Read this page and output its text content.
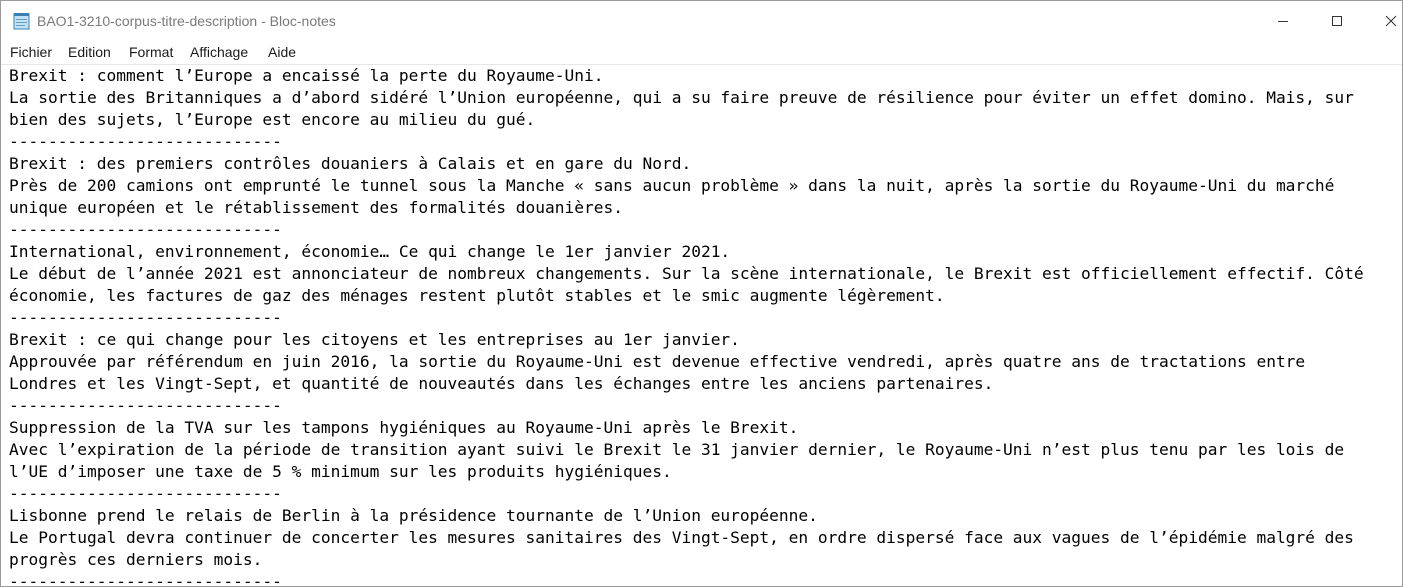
BAO1-3210-corpus-titre-description - Bloc-notes
Fichier Edition Format Affichage Aide
Brexit : comment l’Europe a encaissé la perte du Royaume-Uni.
La sortie des Britanniques a d’abord sidéré l’Union européenne, qui a su faire preuve de résilience pour éviter un effet domino. Mais, sur
bien des sujets, l’Europe est encore au milieu du gué.
----------------------------
Brexit : des premiers contrôles douaniers à Calais et en gare du Nord.
Près de 200 camions ont emprunté le tunnel sous la Manche « sans aucun problème » dans la nuit, après la sortie du Royaume-Uni du marché
unique européen et le rétablissement des formalités douanières.
----------------------------
International, environnement, économie… Ce qui change le 1er janvier 2021.
Le début de l’année 2021 est annonciateur de nombreux changements. Sur la scène internationale, le Brexit est officiellement effectif. Côté
économie, les factures de gaz des ménages restent plutôt stables et le smic augmente légèrement.
----------------------------
Brexit : ce qui change pour les citoyens et les entreprises au 1er janvier.
Approuvée par référendum en juin 2016, la sortie du Royaume-Uni est devenue effective vendredi, après quatre ans de tractations entre
Londres et les Vingt-Sept, et quantité de nouveautés dans les échanges entre les anciens partenaires.
----------------------------
Suppression de la TVA sur les tampons hygiéniques au Royaume-Uni après le Brexit.
Avec l’expiration de la période de transition ayant suivi le Brexit le 31 janvier dernier, le Royaume-Uni n’est plus tenu par les lois de
l’UE d’imposer une taxe de 5 % minimum sur les produits hygiéniques.
----------------------------
Lisbonne prend le relais de Berlin à la présidence tournante de l’Union européenne.
Le Portugal devra continuer de concerter les mesures sanitaires des Vingt-Sept, en ordre dispersé face aux vagues de l’épidémie malgré des
progrès ces derniers mois.
----------------------------
